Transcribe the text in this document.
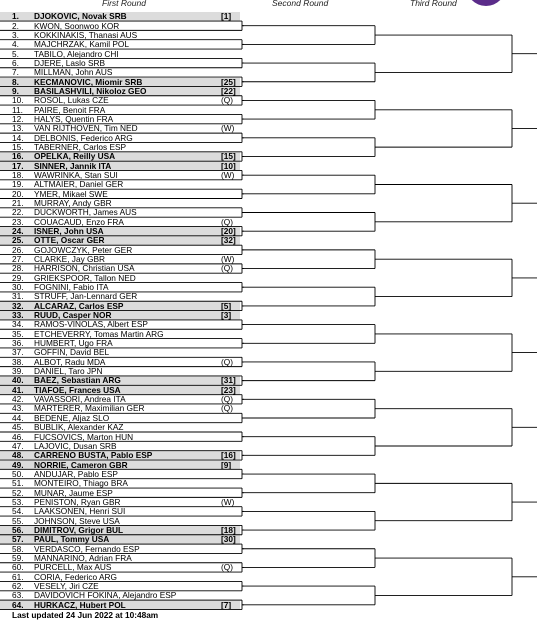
First Round	Second Round	Third Round
1.	DJOKOVIC, Novak SRB	[1]
2.	KWON, Soonwoo KOR
3.	KOKKINAKIS, Thanasi AUS
4.	MAJCHRZAK, Kamil POL
5.	TABILO, Alejandro CHI
6.	DJERE, Laslo SRB
7.	MILLMAN, John AUS
8.	KECMANOVIC, Miomir SRB	[25]
9.	BASILASHVILI, Nikoloz GEO	[22]
10. ROSOL, Lukas CZE	(Q)
11. PAIRE, Benoit FRA
12. HALYS, Quentin FRA
13. VAN RIJTHOVEN, Tim NED	(W)
14. DELBONIS, Federico ARG
15. TABERNER, Carlos ESP
16. OPELKA, Reilly USA	[15]
17. SINNER, Jannik ITA	[10]
18. WAWRINKA, Stan SUI	(W)
19. ALTMAIER, Daniel GER
20. YMER, Mikael SWE
21. MURRAY, Andy GBR
22. DUCKWORTH, James AUS
23. COUACAUD, Enzo FRA	(Q)
24. ISNER, John USA	[20]
25. OTTE, Oscar GER	[32]
26. GOJOWCZYK, Peter GER
27. CLARKE, Jay GBR	(W)
28. HARRISON, Christian USA	(Q)
29. GRIEKSPOOR, Tallon NED
30. FOGNINI, Fabio ITA
31. STRUFF, Jan-Lennard GER
32. ALCARAZ, Carlos ESP	[5]
33. RUUD, Casper NOR	[3]
34. RAMOS-VINOLAS, Albert ESP
35. ETCHEVERRY, Tomas Martin ARG
36. HUMBERT, Ugo FRA
37. GOFFIN, David BEL
38. ALBOT, Radu MDA	(Q)
39. DANIEL, Taro JPN
40. BAEZ, Sebastian ARG	[31]
41. TIAFOE, Frances USA	[23]
42. VAVASSORI, Andrea ITA	(Q)
43. MARTERER, Maximilian GER	(Q)
44. BEDENE, Aljaz SLO
45. BUBLIK, Alexander KAZ
46. FUCSOVICS, Marton HUN
47. LAJOVIC, Dusan SRB
48. CARRENO BUSTA, Pablo ESP	[16]
49. NORRIE, Cameron GBR	[9]
50. ANDUJAR, Pablo ESP
51. MONTEIRO, Thiago BRA
52. MUNAR, Jaume ESP
53. PENISTON, Ryan GBR	(W)
54. LAAKSONEN, Henri SUI
55. JOHNSON, Steve USA
56. DIMITROV, Grigor BUL	[18]
57. PAUL, Tommy USA	[30]
58. VERDASCO, Fernando ESP
59. MANNARINO, Adrian FRA
60. PURCELL, Max AUS	(Q)
61. CORIA, Federico ARG
62. VESELY, Jiri CZE
63. DAVIDOVICH FOKINA, Alejandro ESP
64. HURKACZ, Hubert POL	[7]
Last updated 24 Jun 2022 at 10:48am
